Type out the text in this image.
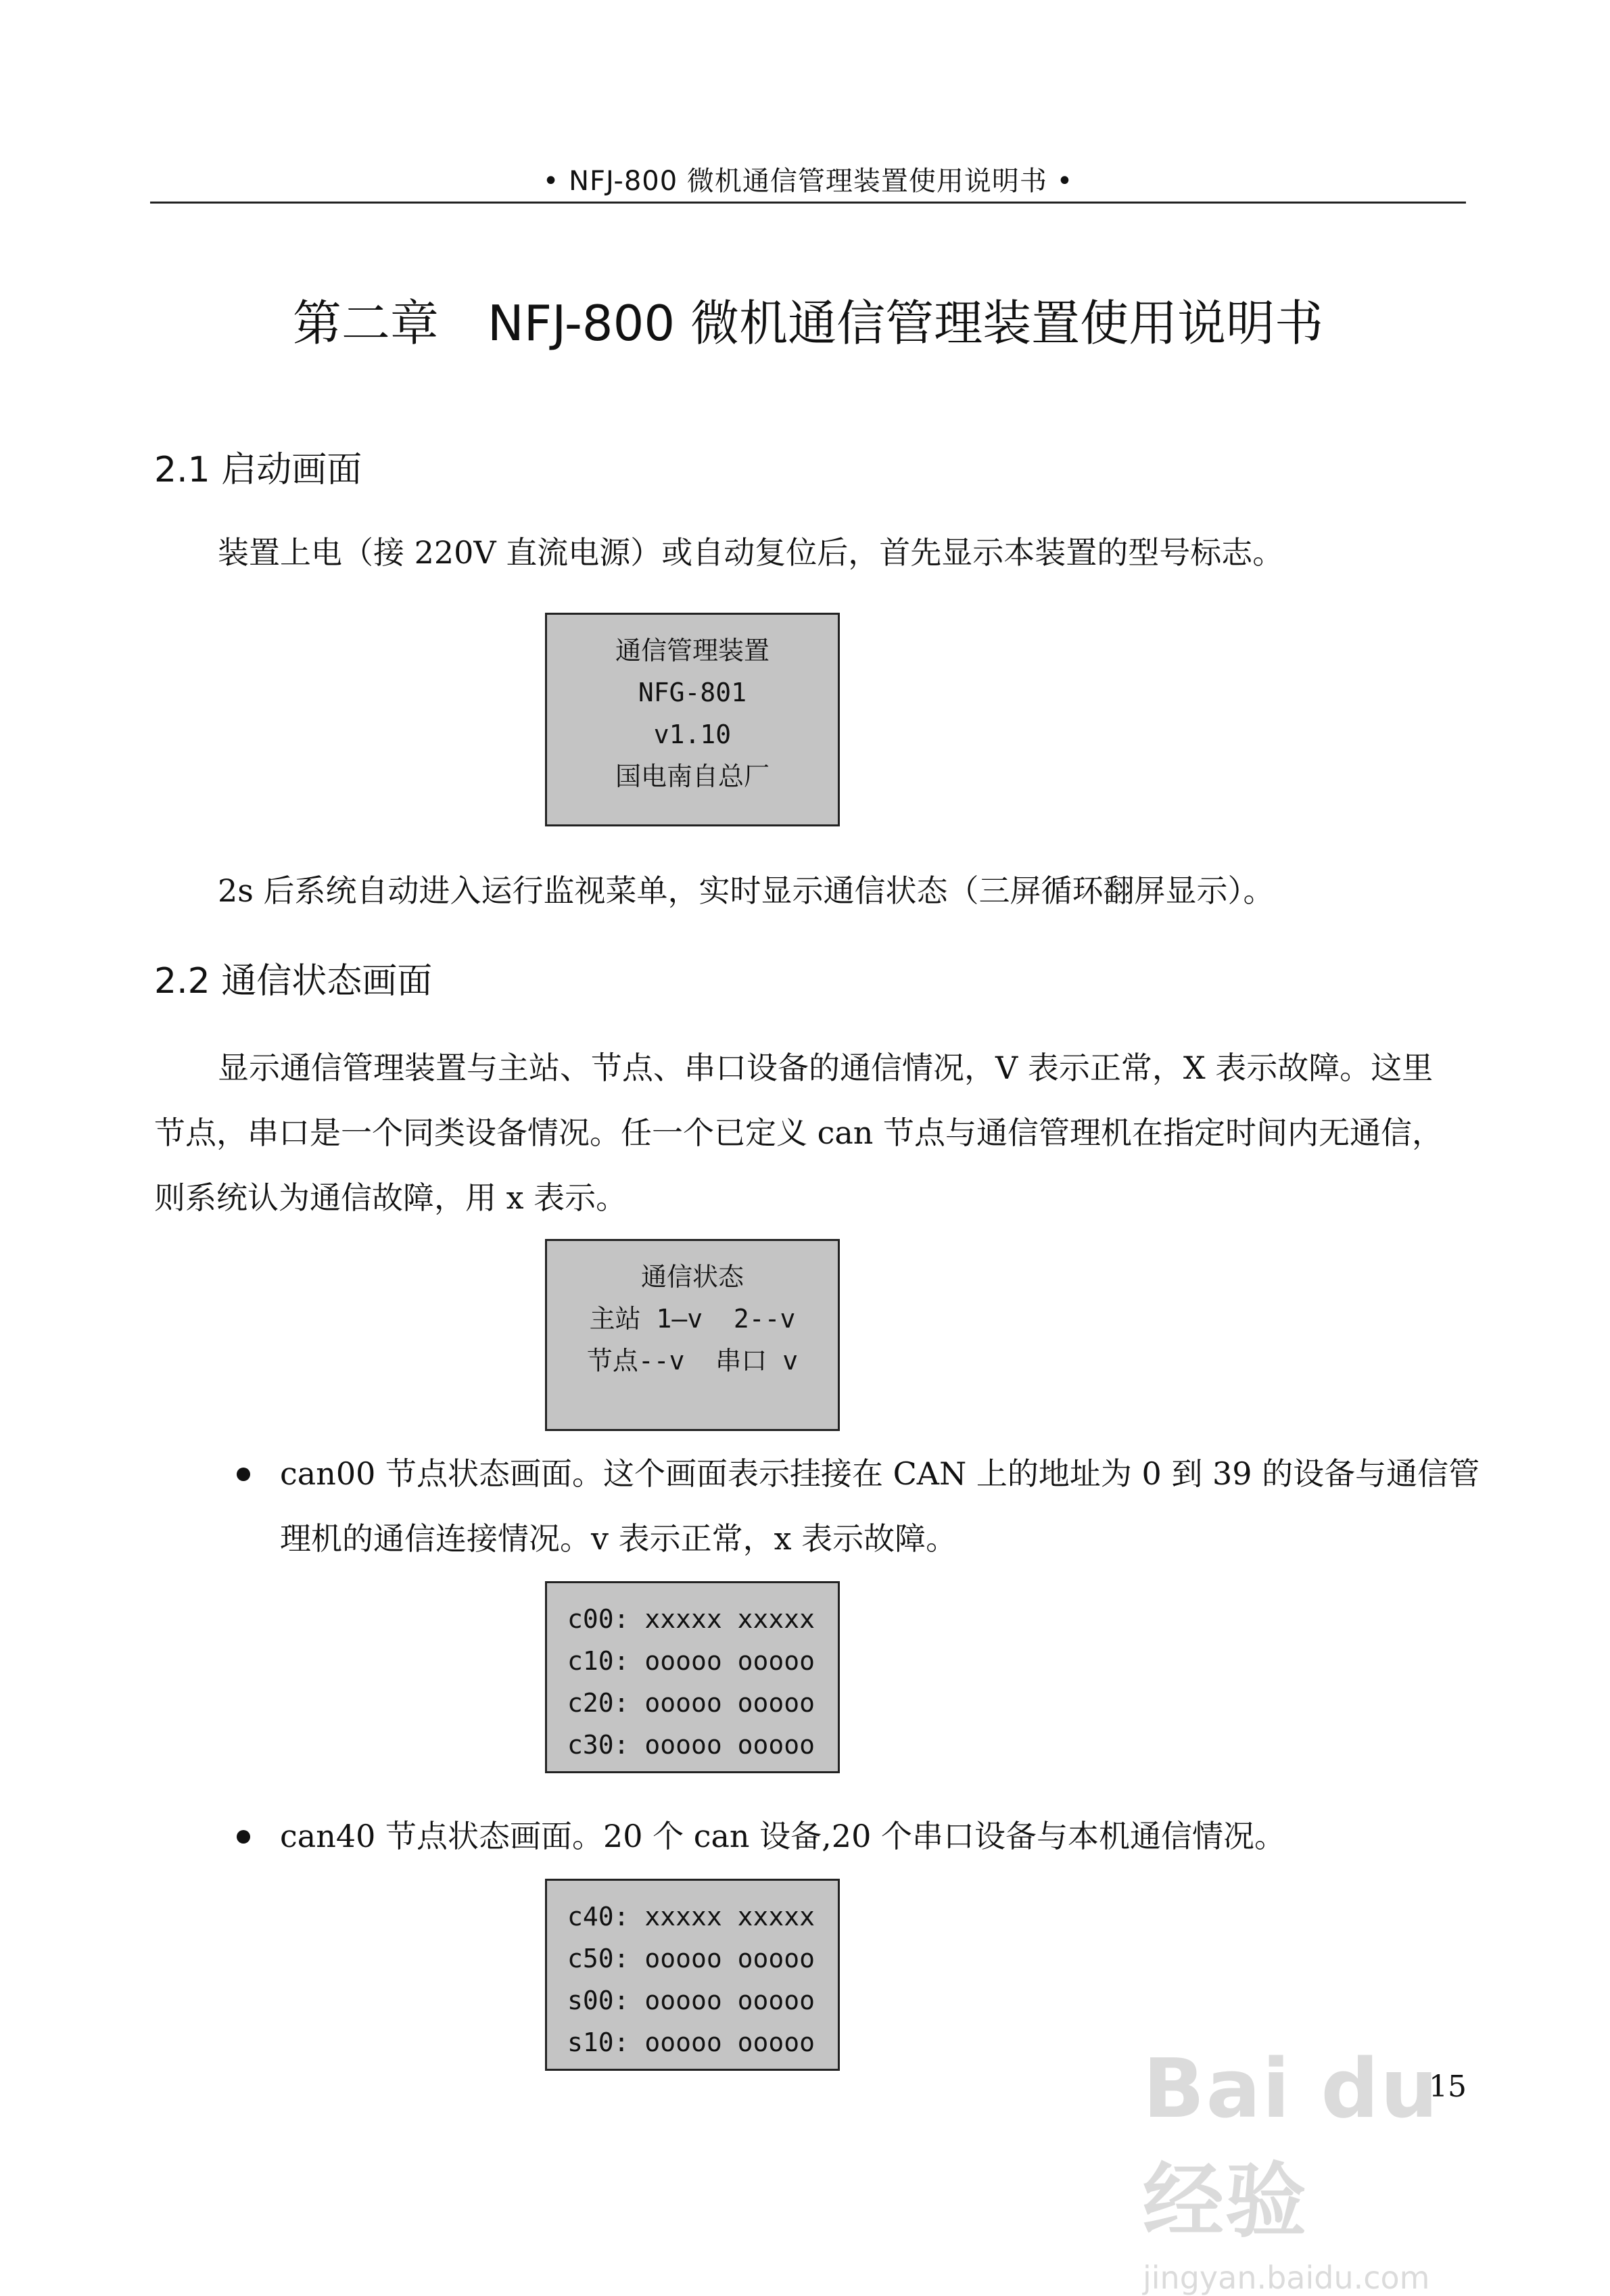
• NFJ-800 微机通信管理装置使用说明书 •
第二章　NFJ-800 微机通信管理装置使用说明书
2.1 启动画面
装置上电（接 220V 直流电源）或自动复位后，首先显示本装置的型号标志。
通信管理装置
NFG-801
v1.10
国电南自总厂
2s 后系统自动进入运行监视菜单，实时显示通信状态（三屏循环翻屏显示）。
2.2 通信状态画面
显示通信管理装置与主站、节点、串口设备的通信情况，V 表示正常，X 表示故障。这里
节点，串口是一个同类设备情况。任一个已定义 can 节点与通信管理机在指定时间内无通信，
则系统认为通信故障，用 x 表示。
通信状态
主站 1—v  2--v
节点--v  串口 v
can00 节点状态画面。这个画面表示挂接在 CAN 上的地址为 0 到 39 的设备与通信管
理机的通信连接情况。v 表示正常，x 表示故障。
c00: xxxxx xxxxx
c10: ooooo ooooo
c20: ooooo ooooo
c30: ooooo ooooo
can40 节点状态画面。20 个 can 设备,20 个串口设备与本机通信情况。
c40: xxxxx xxxxx
c50: ooooo ooooo
s00: ooooo ooooo
s10: ooooo ooooo
15
Bai du 经验
jingyan.baidu.com
